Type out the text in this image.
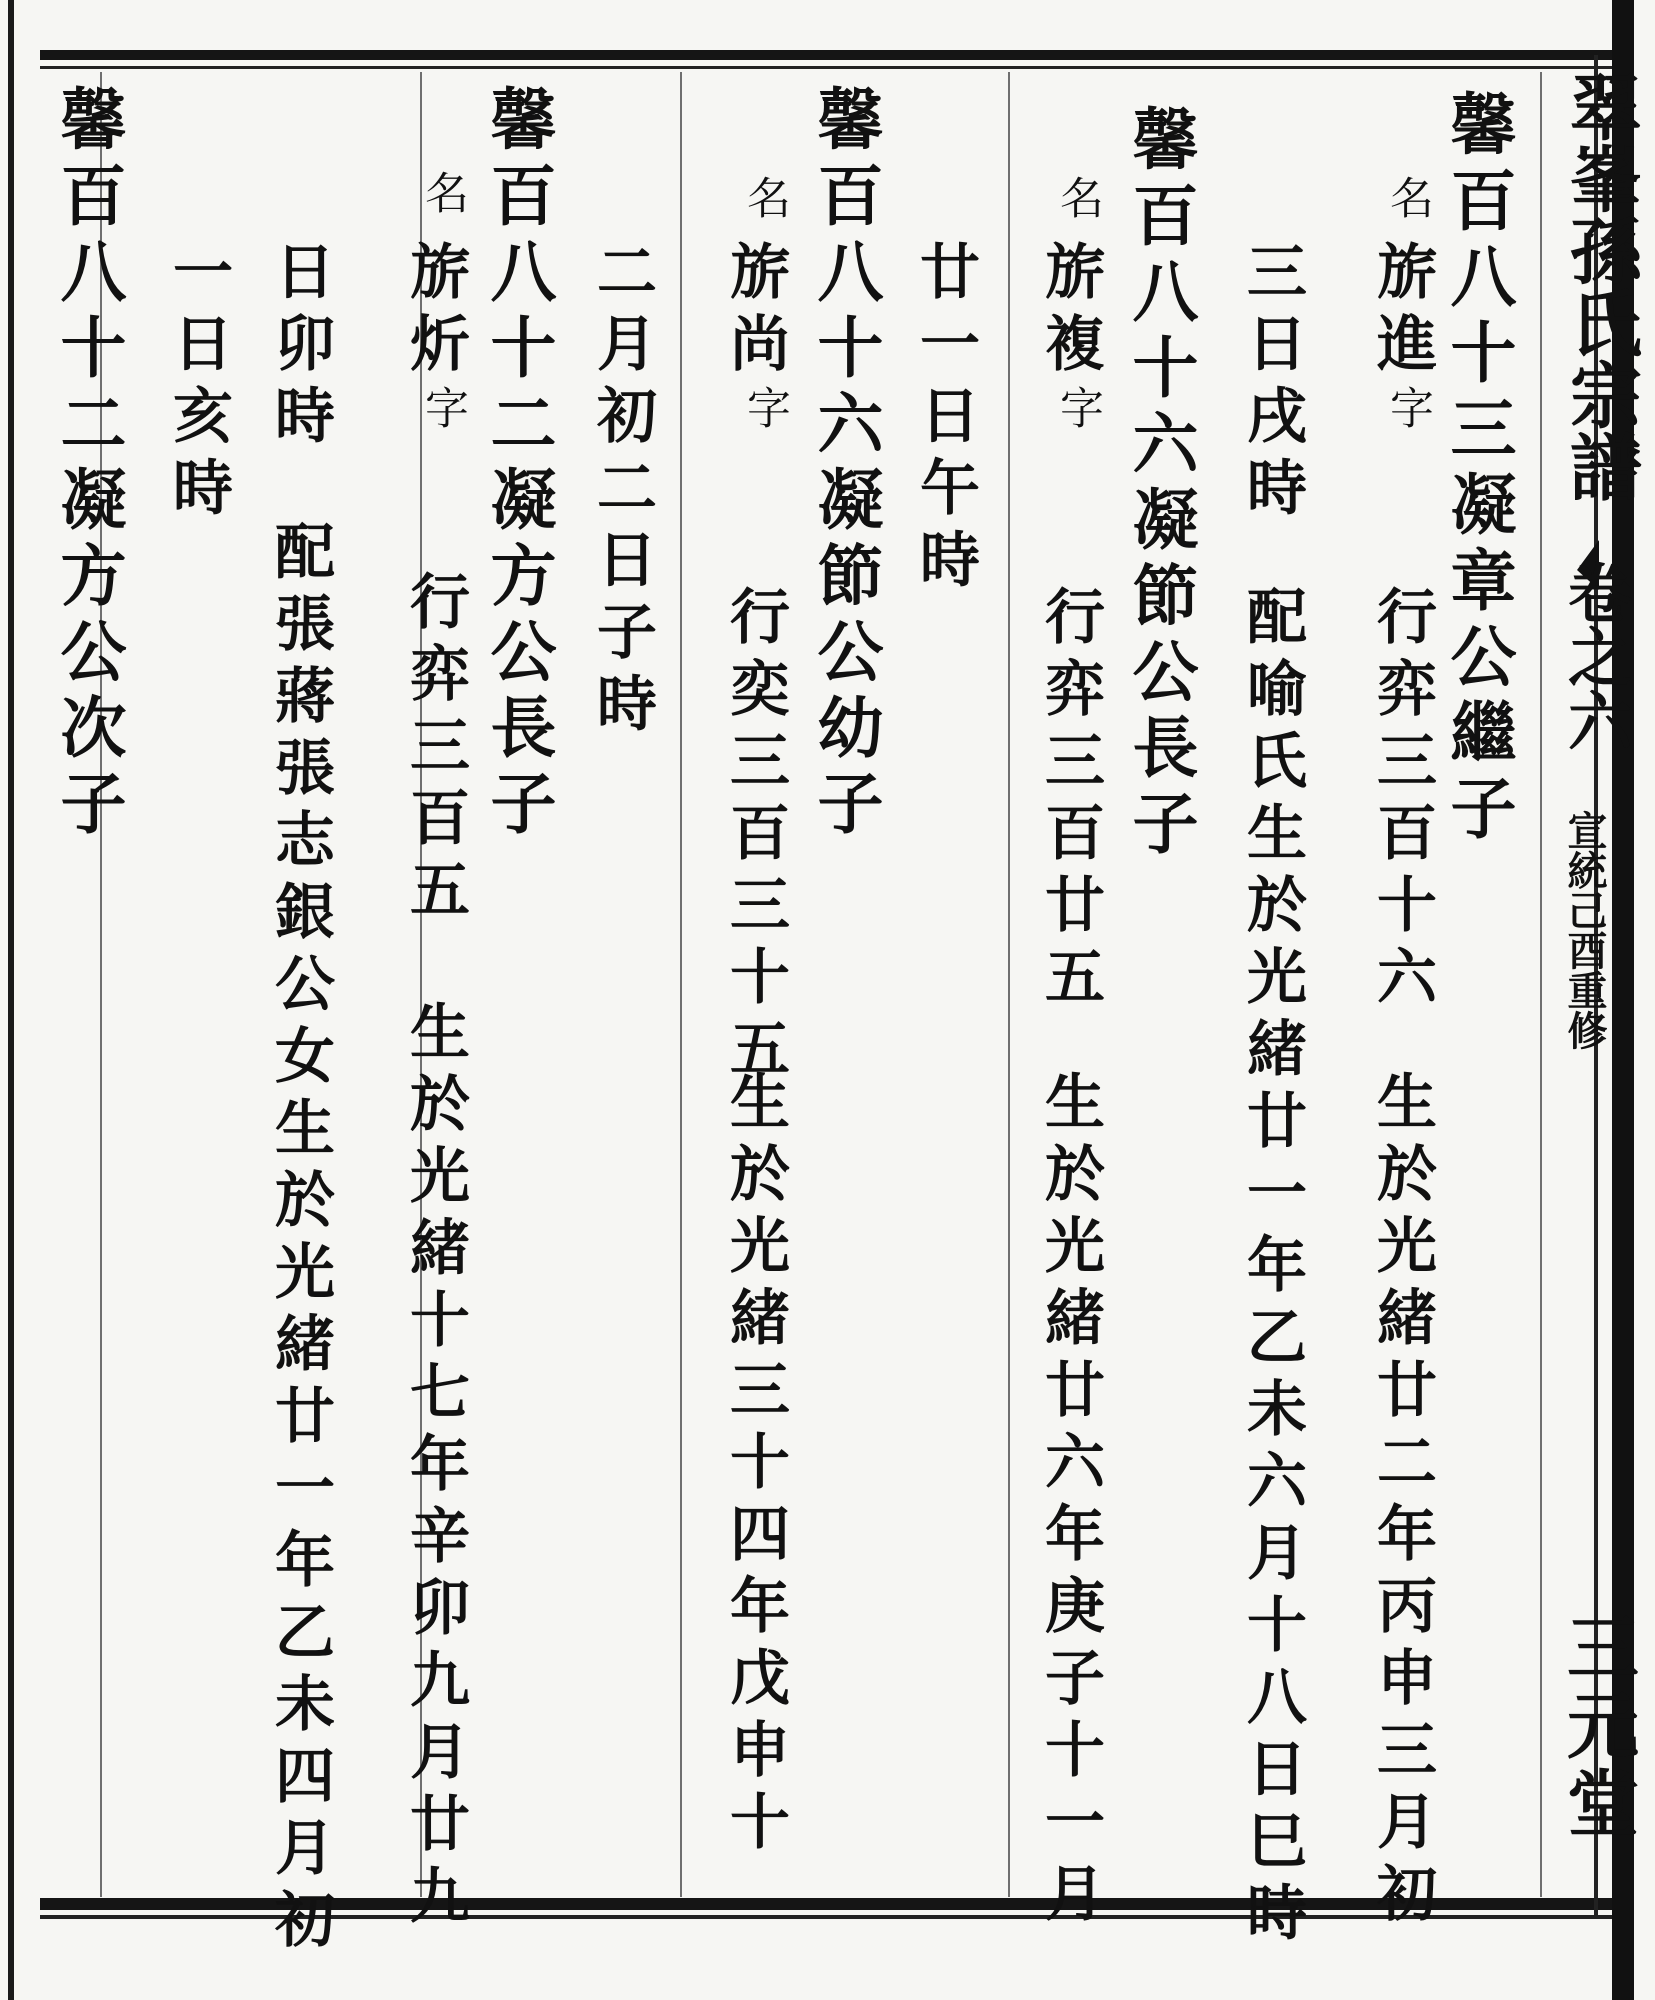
翠峯孫氏宗譜
卷之六
宣統己酉重修
三元堂
馨百八十三凝章公繼子
名
旂進
字
行弈三百十六
生於光緒廿二年丙申三月初
三日戌時
配喻氏生於光緒廿一年乙未六月十八日巳時
馨百八十六凝節公長子
名
旂複
字
行弈三百廿五
生於光緒廿六年庚子十一月
廿一日午時
馨百八十六凝節公幼子
名
旂尚
字
行奕三百三十五
生於光緒三十四年戊申十
二月初二日子時
馨百八十二凝方公長子
名
旂炘
字
行弈三百五
生於光緒十七年辛卯九月廿九
日卯時
配張蔣張志銀公女生於光緒廿一年乙未四月初
一日亥時
馨百八十二凝方公次子
